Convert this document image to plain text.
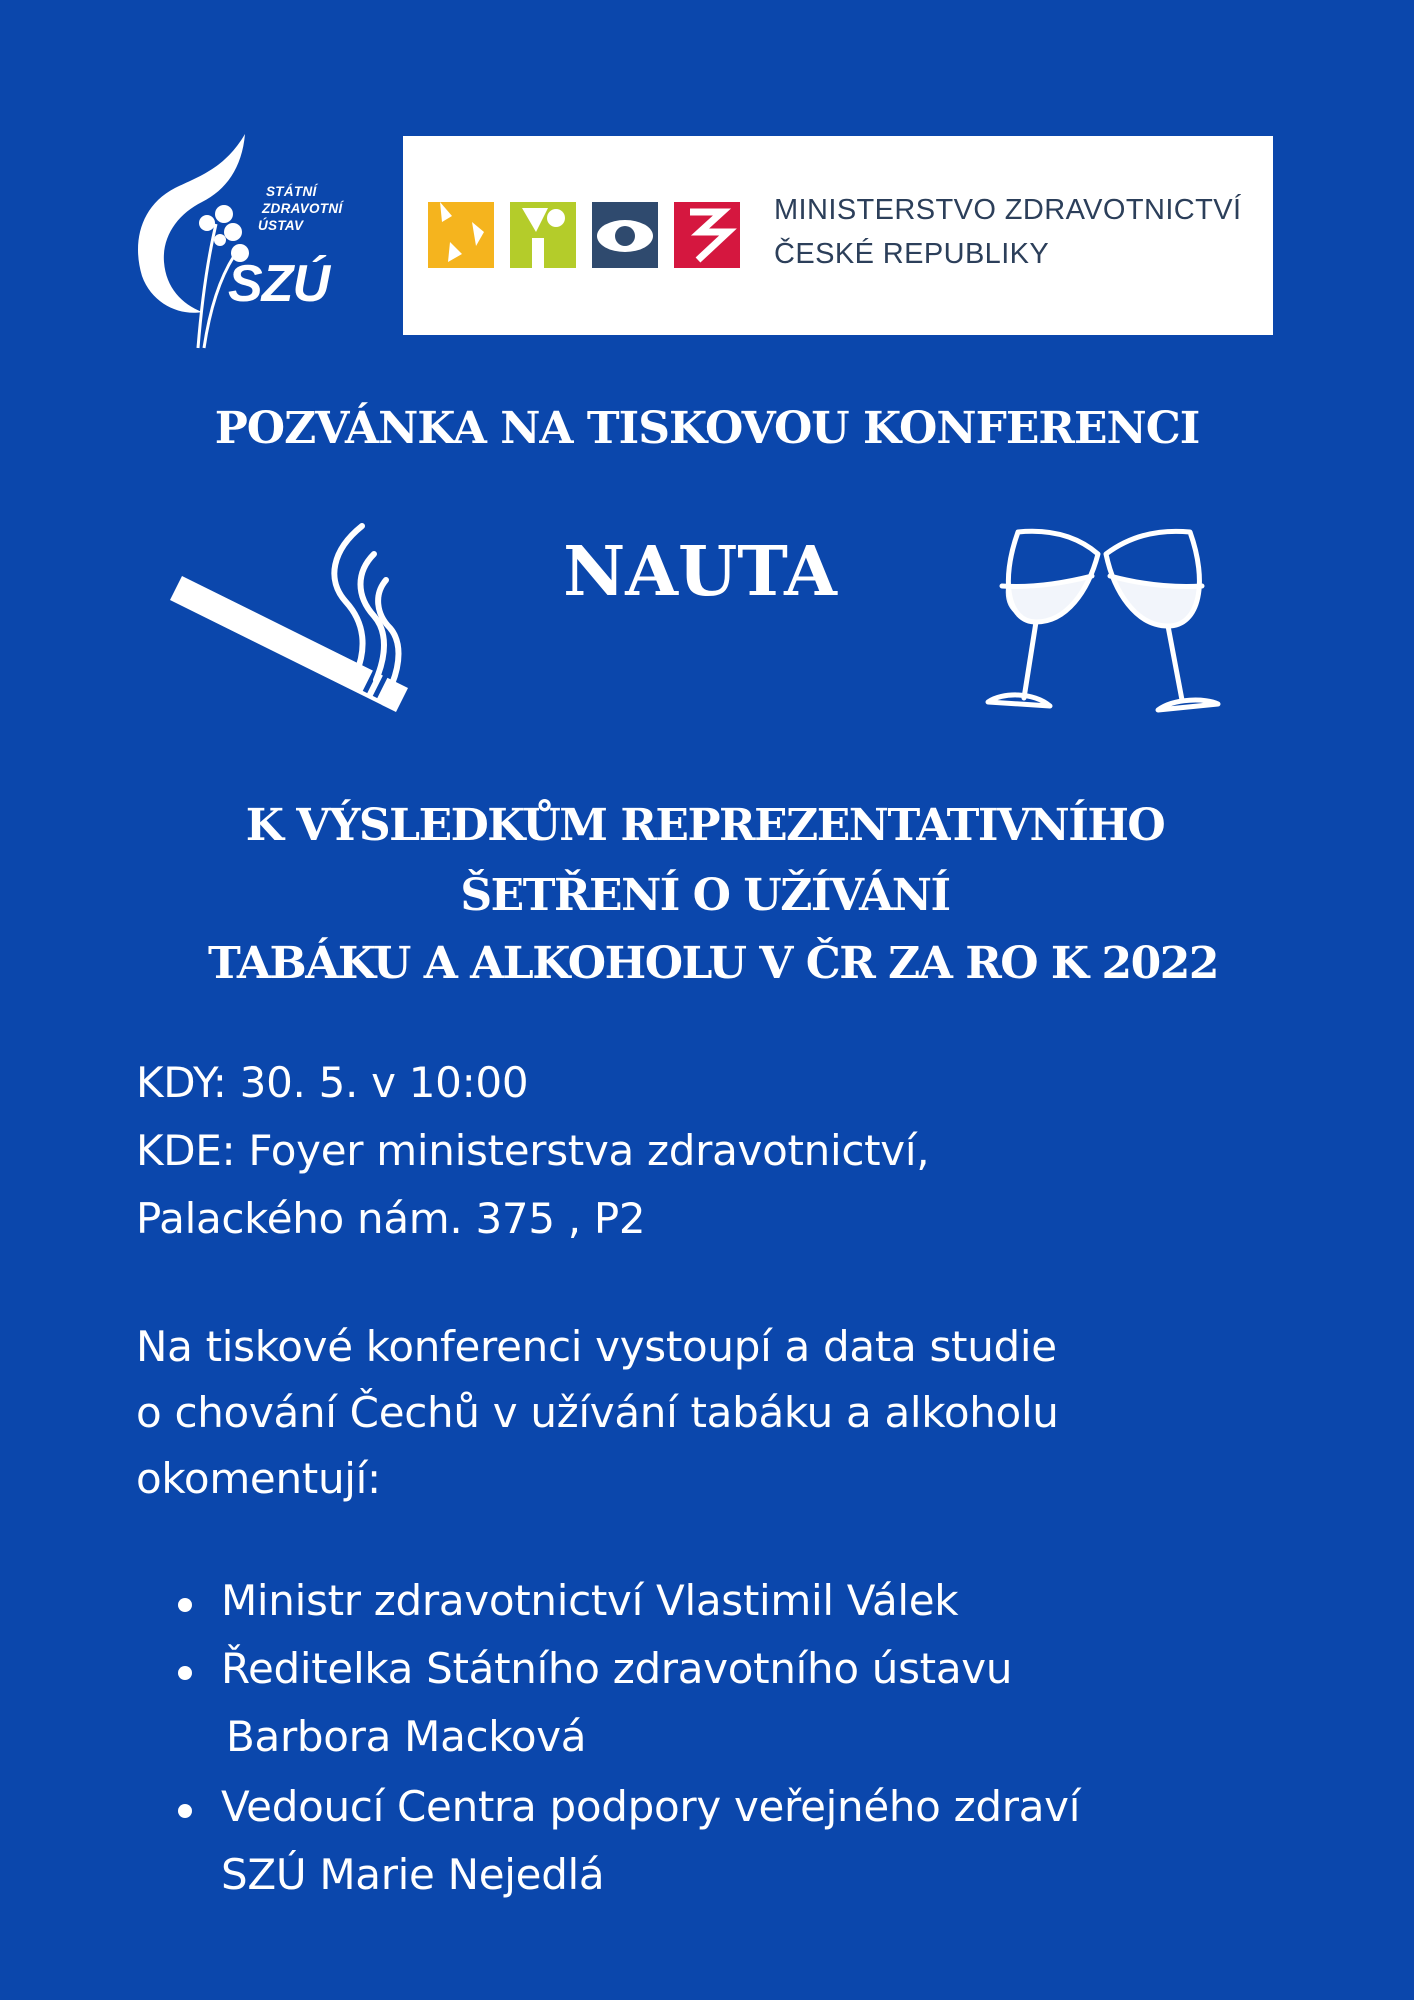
STÁTNÍ
ZDRAVOTNÍ
ÚSTAV
SZÚ
MINISTERSTVO ZDRAVOTNICTVÍ
ČESKÉ REPUBLIKY
POZVÁNKA NA TISKOVOU KONFERENCI
NAUTA
K VÝSLEDKŮM REPREZENTATIVNÍHO
ŠETŘENÍ O UŽÍVÁNÍ
TABÁKU A ALKOHOLU V ČR ZA RO K 2022
KDY: 30. 5. v 10:00
KDE: Foyer ministerstva zdravotnictví,
Palackého nám. 375 , P2
Na tiskové konferenci vystoupí a data studie
o chování Čechů v užívání tabáku a alkoholu
okomentují:
Ministr zdravotnictví Vlastimil Válek
Ředitelka Státního zdravotního ústavu
Barbora Macková
Vedoucí Centra podpory veřejného zdraví
SZÚ Marie Nejedlá
